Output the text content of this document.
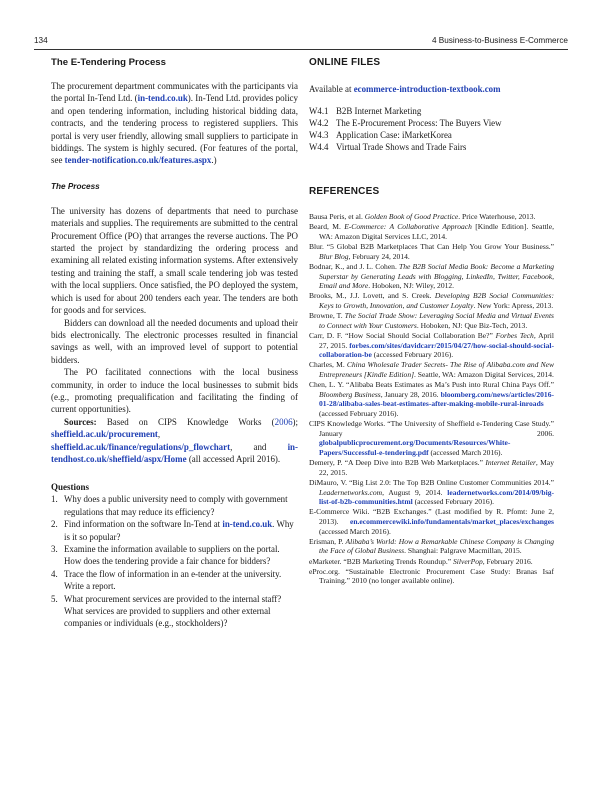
134	4 Business-to-Business E-Commerce
The E-Tendering Process

The procurement department communicates with the participants via the portal In-Tend Ltd. (in-tend.co.uk). In-Tend Ltd. provides policy and open tendering information, including historical bidding data, contracts, and the tendering process to registered suppliers. This portal is very user friendly, allowing small suppliers to participate in biddings. The system is highly secured. (For features of the portal, see tender-notification.co.uk/features.aspx.)

The Process

The university has dozens of departments that need to purchase materials and supplies. The requirements are submitted to the central Procurement Office (PO) that arranges the reverse auctions. The PO started the project by standardizing the ordering process and examining all related existing information systems. After extensively testing and training the staff, a small scale tendering job was tested with the local suppliers. Once satisfied, the PO deployed the system, which is used for about 200 tenders each year. The tenders are both for goods and for services.

Bidders can download all the needed documents and upload their bids electronically. The electronic processes resulted in financial savings as well, with an improved level of support to potential bidders.

The PO facilitated connections with the local business community, in order to induce the local businesses to submit bids (e.g., promoting prequalification and facilitating the finding of current opportunities).

Sources: Based on CIPS Knowledge Works (2006); sheffield.ac.uk/procurement, sheffield.ac.uk/finance/regulations/p_flowchart, and in-tendhost.co.uk/sheffield/aspx/Home (all accessed April 2016).

Questions
1. Why does a public university need to comply with government regulations that may reduce its efficiency?
2. Find information on the software In-Tend at in-tend.co.uk. Why is it so popular?
3. Examine the information available to suppliers on the portal. How does the tendering provide a fair chance for bidders?
4. Trace the flow of information in an e-tender at the university. Write a report.
5. What procurement services are provided to the internal staff? What services are provided to suppliers and other external companies or individuals (e.g., stockholders)?
ONLINE FILES

Available at ecommerce-introduction-textbook.com

W4.1 B2B Internet Marketing
W4.2 The E-Procurement Process: The Buyers View
W4.3 Application Case: iMarketKorea
W4.4 Virtual Trade Shows and Trade Fairs
REFERENCES
Bausa Peris, et al. Golden Book of Good Practice. Price Waterhouse, 2013.
Beard, M. E-Commerce: A Collaborative Approach [Kindle Edition]. Seattle, WA: Amazon Digital Services LLC, 2014.
Blur. “5 Global B2B Marketplaces That Can Help You Grow Your Business.” Blur Blog, February 24, 2014.
Bodnar, K., and J. L. Cohen. The B2B Social Media Book: Become a Marketing Superstar by Generating Leads with Blogging, LinkedIn, Twitter, Facebook, Email and More. Hoboken, NJ: Wiley, 2012.
Brooks, M., J.J. Lovett, and S. Creek. Developing B2B Social Communities: Keys to Growth, Innovation, and Customer Loyalty. New York: Apress, 2013.
Browne, T. The Social Trade Show: Leveraging Social Media and Virtual Events to Connect with Your Customers. Hoboken, NJ: Que Biz-Tech, 2013.
Carr, D. F. “How Social Should Social Collaboration Be?” Forbes Tech, April 27, 2015. forbes.com/sites/davidcarr/2015/04/27/how-social-should-social-collaboration-be (accessed February 2016).
Charles, M. China Wholesale Trader Secrets- The Rise of Alibaba.com and New Entrepreneurs [Kindle Edition]. Seattle, WA: Amazon Digital Services, 2014.
Chen, L. Y. “Alibaba Beats Estimates as Ma’s Push into Rural China Pays Off.” Bloomberg Business, January 28, 2016. bloomberg.com/news/articles/2016-01-28/alibaba-sales-beat-estimates-after-making-mobile-rural-inroads (accessed February 2016).
CIPS Knowledge Works. “The University of Sheffield e-Tendering Case Study.” January 2006. globalpublicprocurement.org/Documents/Resources/White-Papers/Successful-e-tendering.pdf (accessed March 2016).
Demery, P. “A Deep Dive into B2B Web Marketplaces.” Internet Retailer, May 22, 2015.
DiMauro, V. “Big List 2.0: The Top B2B Online Customer Communities 2014.” Leadernetworks.com, August 9, 2014. leadernetworks.com/2014/09/big-list-of-b2b-communities.html (accessed February 2016).
E-Commerce Wiki. “B2B Exchanges.” (Last modified by R. Pfomt: June 2, 2013). en.ecommercewiki.info/fundamentals/market_places/exchanges (accessed March 2016).
Erisman, P. Alibaba’s World: How a Remarkable Chinese Company is Changing the Face of Global Business. Shanghai: Palgrave Macmillan, 2015.
eMarketer. “B2B Marketing Trends Roundup.” SilverPop, February 2016.
eProc.org. “Sustainable Electronic Procurement Case Study: Branas Isaf Training.” 2010 (no longer available online).
